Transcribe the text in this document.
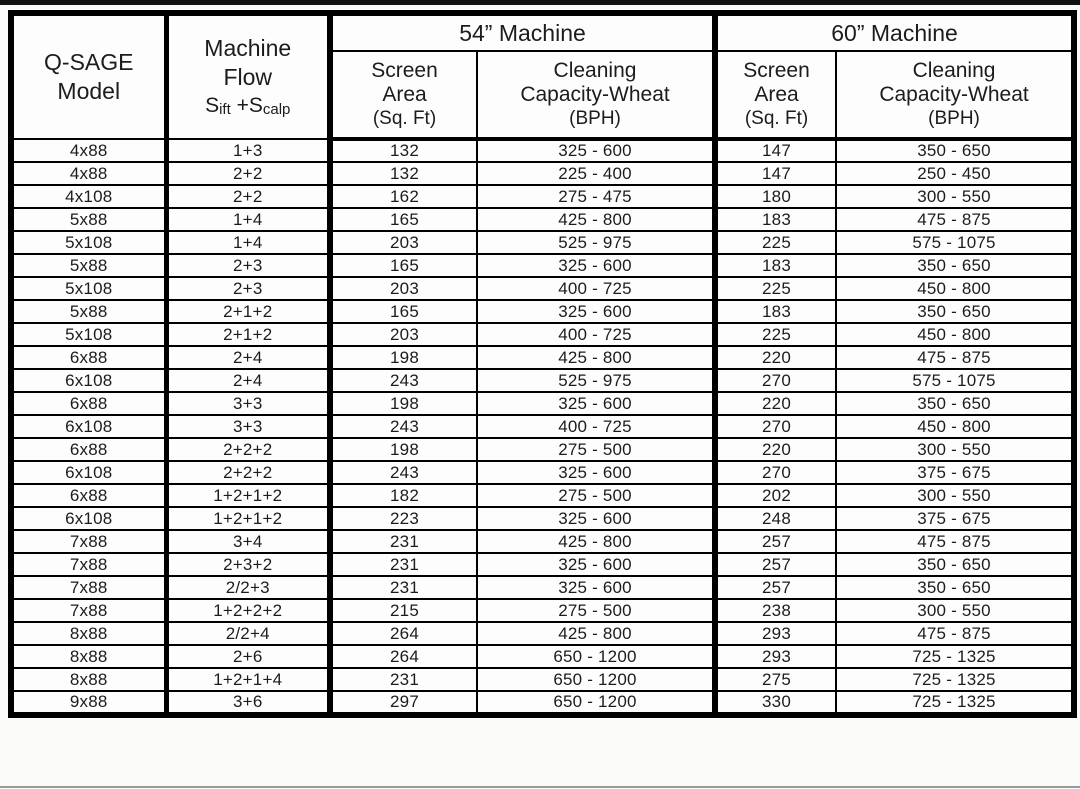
Q-SAGE
Model

Machine
Flow
Sift +Scalp
	54” Machine	60” Machine

Screen
Area
(Sq. Ft)

Cleaning
Capacity-Wheat
(BPH)

Screen
Area
(Sq. Ft)

Cleaning
Capacity-Wheat
(BPH)

4x88	1+3	132	325 - 600	147	350 - 650
4x88	2+2	132	225 - 400	147	250 - 450
4x108	2+2	162	275 - 475	180	300 - 550
5x88	1+4	165	425 - 800	183	475 - 875
5x108	1+4	203	525 - 975	225	575 - 1075
5x88	2+3	165	325 - 600	183	350 - 650
5x108	2+3	203	400 - 725	225	450 - 800
5x88	2+1+2	165	325 - 600	183	350 - 650
5x108	2+1+2	203	400 - 725	225	450 - 800
6x88	2+4	198	425 - 800	220	475 - 875
6x108	2+4	243	525 - 975	270	575 - 1075
6x88	3+3	198	325 - 600	220	350 - 650
6x108	3+3	243	400 - 725	270	450 - 800
6x88	2+2+2	198	275 - 500	220	300 - 550
6x108	2+2+2	243	325 - 600	270	375 - 675
6x88	1+2+1+2	182	275 - 500	202	300 - 550
6x108	1+2+1+2	223	325 - 600	248	375 - 675
7x88	3+4	231	425 - 800	257	475 - 875
7x88	2+3+2	231	325 - 600	257	350 - 650
7x88	2/2+3	231	325 - 600	257	350 - 650
7x88	1+2+2+2	215	275 - 500	238	300 - 550
8x88	2/2+4	264	425 - 800	293	475 - 875
8x88	2+6	264	650 - 1200	293	725 - 1325
8x88	1+2+1+4	231	650 - 1200	275	725 - 1325
9x88	3+6	297	650 - 1200	330	725 - 1325
